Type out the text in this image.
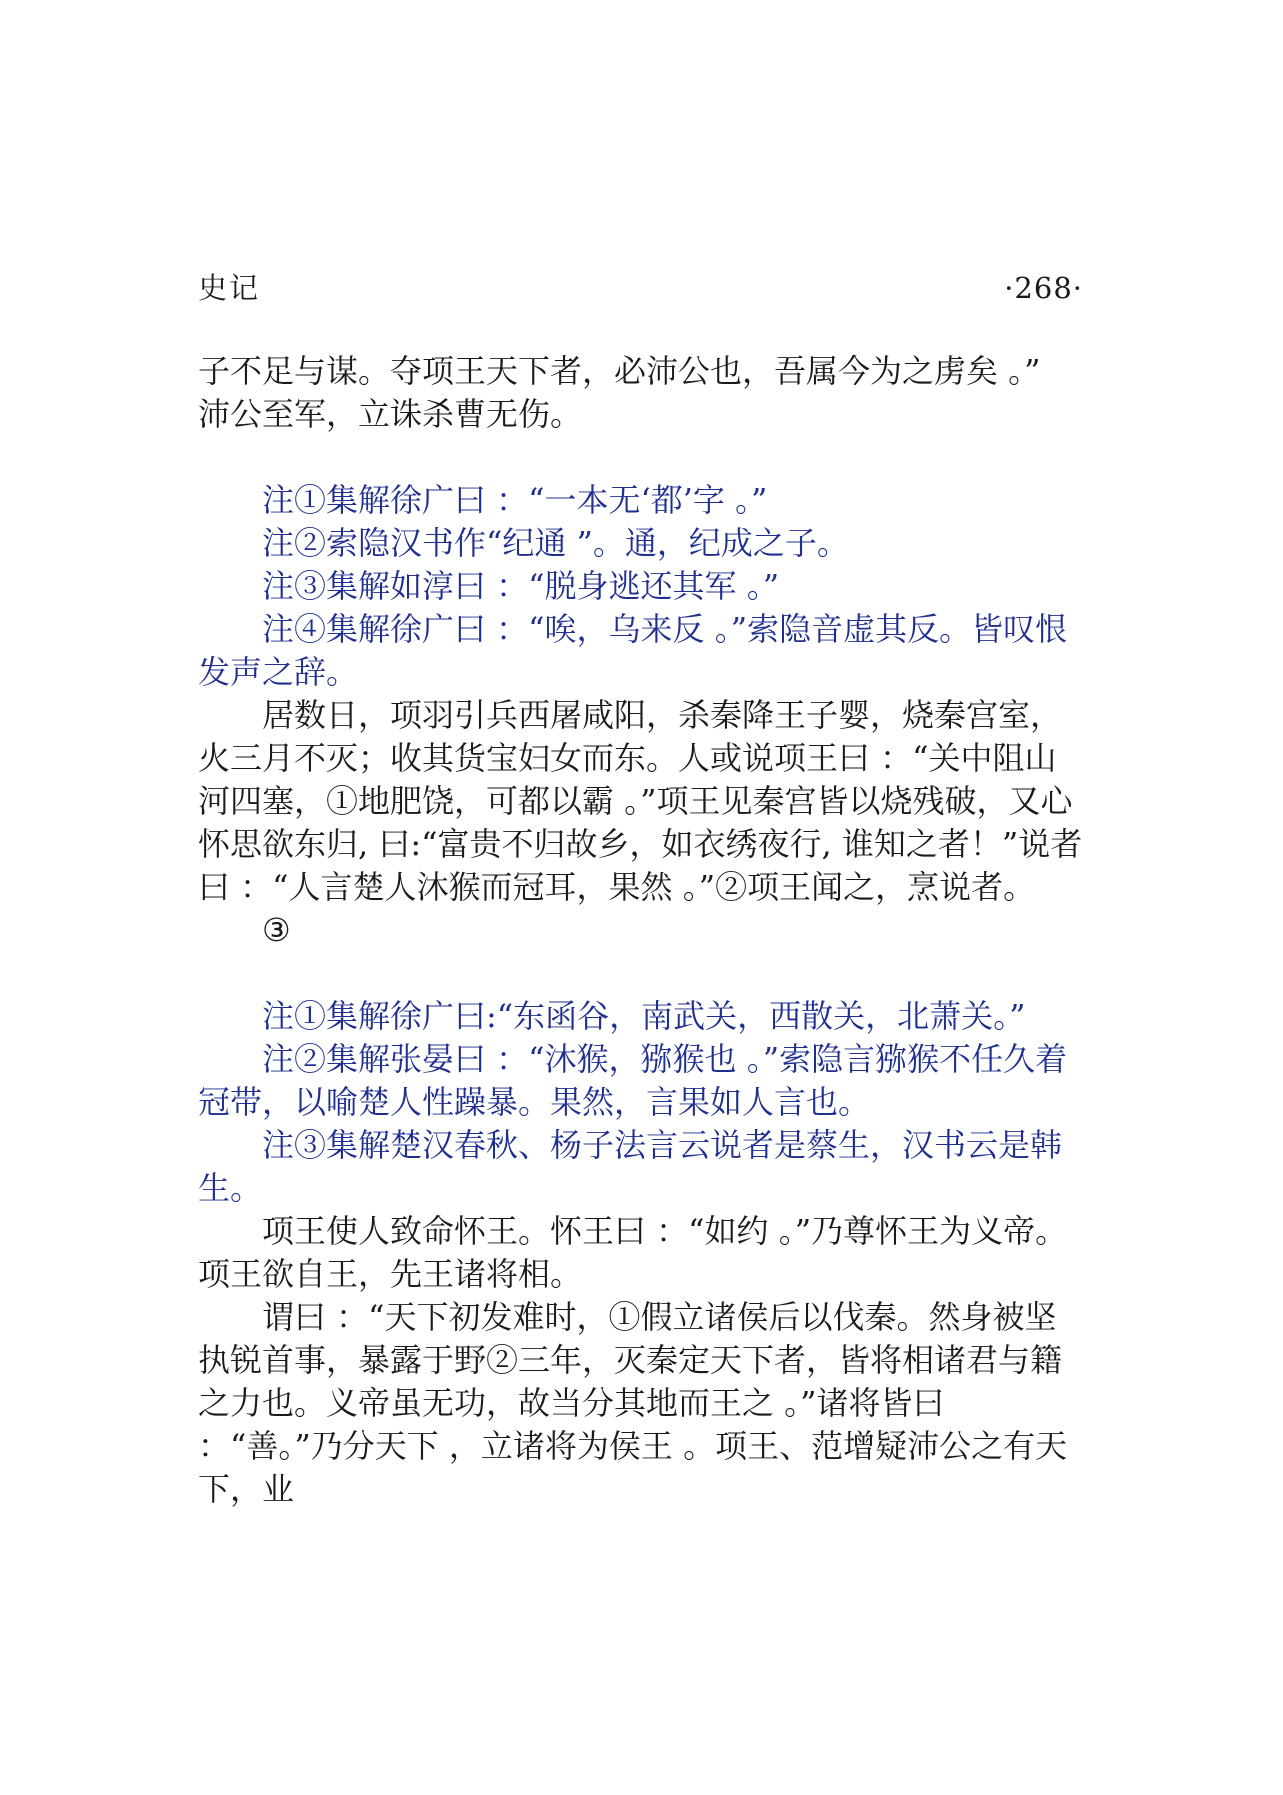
史记	·268·

子不足与谋。夺项王天下者，必沛公也，吾属今为之虏矣 。”

沛公至军，立诛杀曹无伤。

注①集解徐广曰 ：“一本无‘都’字 。”

注②索隐汉书作“纪通 ”。通，纪成之子。

注③集解如淳曰 ：“脱身逃还其军 。”

注④集解徐广曰 ：“唉，乌来反 。”索隐音虚其反。皆叹恨发声之辞。

居数日，项羽引兵西屠咸阳，杀秦降王子婴，烧秦宫室，火三月不灭；收其货宝妇女而东。人或说项王曰 ：“关中阻山河四塞，①地肥饶，可都以霸 。”项王见秦宫皆以烧残破，又心怀思欲东归, 曰:“富贵不归故乡，如衣绣夜行, 谁知之者！”说者曰 ：“人言楚人沐猴而冠耳，果然 。”②项王闻之，烹说者。

③

注①集解徐广曰:“东函谷，南武关，西散关，北萧关。”

注②集解张晏曰 ：“沐猴，猕猴也 。”索隐言猕猴不任久着冠带，以喻楚人性躁暴。果然，言果如人言也。

注③集解楚汉春秋、杨子法言云说者是蔡生，汉书云是韩生。

项王使人致命怀王。怀王曰 ：“如约 。”乃尊怀王为义帝。项王欲自王，先王诸将相。

谓曰 ：“天下初发难时，①假立诸侯后以伐秦。然身被坚执锐首事，暴露于野②三年，灭秦定天下者，皆将相诸君与籍之力也。义帝虽无功，故当分其地而王之 。”诸将皆曰 ：“善。”乃分天下 ，立诸将为侯王 。项王、范增疑沛公之有天下，业
